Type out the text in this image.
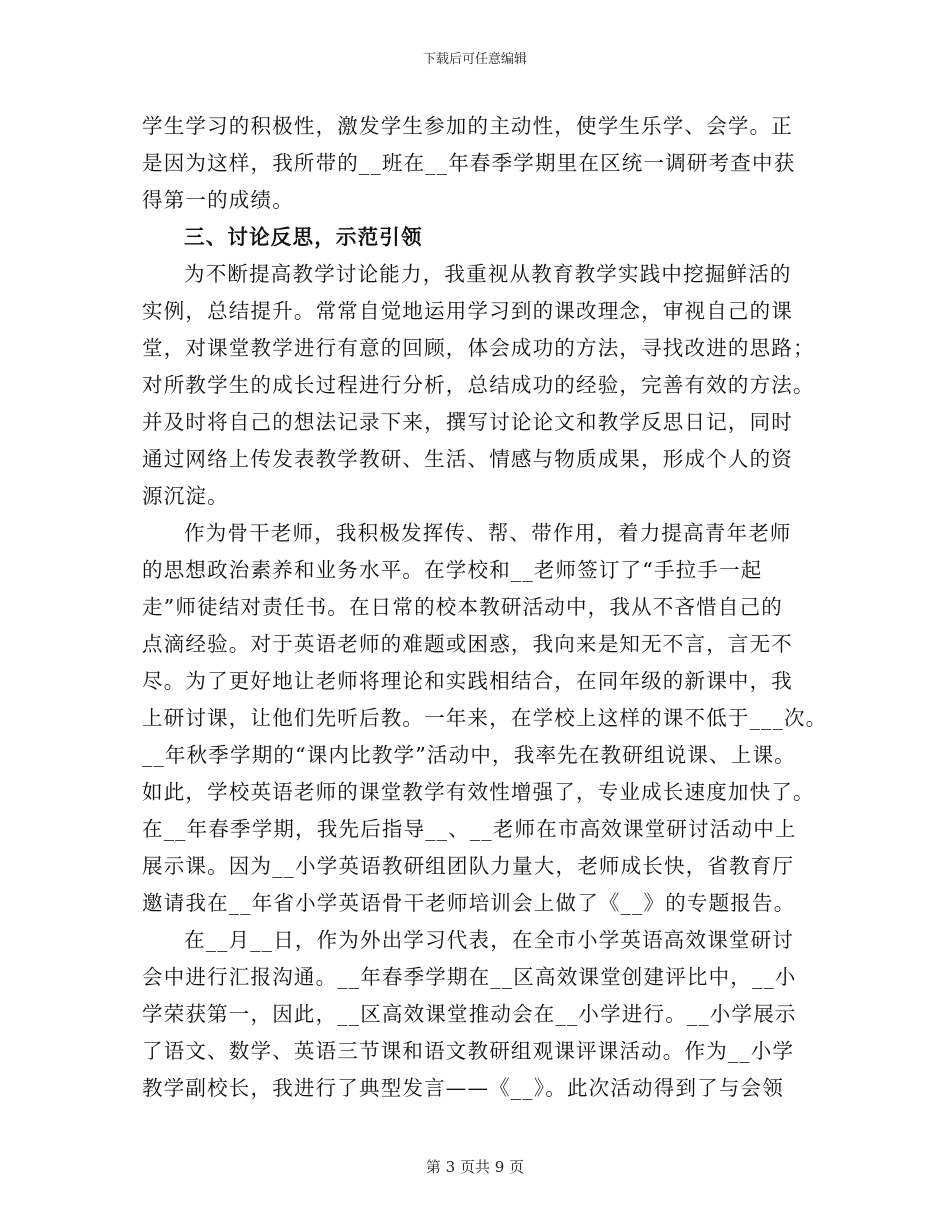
下载后可任意编辑
学生学习的积极性，激发学生参加的主动性，使学生乐学、会学。正
是因为这样，我所带的__班在__年春季学期里在区统一调研考查中获
得第一的成绩。
三、讨论反思，示范引领
为不断提高教学讨论能力，我重视从教育教学实践中挖掘鲜活的
实例，总结提升。常常自觉地运用学习到的课改理念，审视自己的课
堂，对课堂教学进行有意的回顾，体会成功的方法，寻找改进的思路；
对所教学生的成长过程进行分析，总结成功的经验，完善有效的方法。
并及时将自己的想法记录下来，撰写讨论论文和教学反思日记，同时
通过网络上传发表教学教研、生活、情感与物质成果，形成个人的资
源沉淀。
作为骨干老师，我积极发挥传、帮、带作用，着力提高青年老师
的思想政治素养和业务水平。在学校和__老师签订了“手拉手一起
走”师徒结对责任书。在日常的校本教研活动中，我从不吝惜自己的
点滴经验。对于英语老师的难题或困惑，我向来是知无不言，言无不
尽。为了更好地让老师将理论和实践相结合，在同年级的新课中，我
上研讨课，让他们先听后教。一年来，在学校上这样的课不低于___次。
__年秋季学期的“课内比教学”活动中，我率先在教研组说课、上课。
如此，学校英语老师的课堂教学有效性增强了，专业成长速度加快了。
在__年春季学期，我先后指导__、__老师在市高效课堂研讨活动中上
展示课。因为__小学英语教研组团队力量大，老师成长快，省教育厅
邀请我在__年省小学英语骨干老师培训会上做了《__》的专题报告。
在__月__日，作为外出学习代表，在全市小学英语高效课堂研讨
会中进行汇报沟通。__年春季学期在__区高效课堂创建评比中，__小
学荣获第一，因此，__区高效课堂推动会在__小学进行。__小学展示
了语文、数学、英语三节课和语文教研组观课评课活动。作为__小学
教学副校长，我进行了典型发言——《__》。此次活动得到了与会领
第 3 页共 9 页
